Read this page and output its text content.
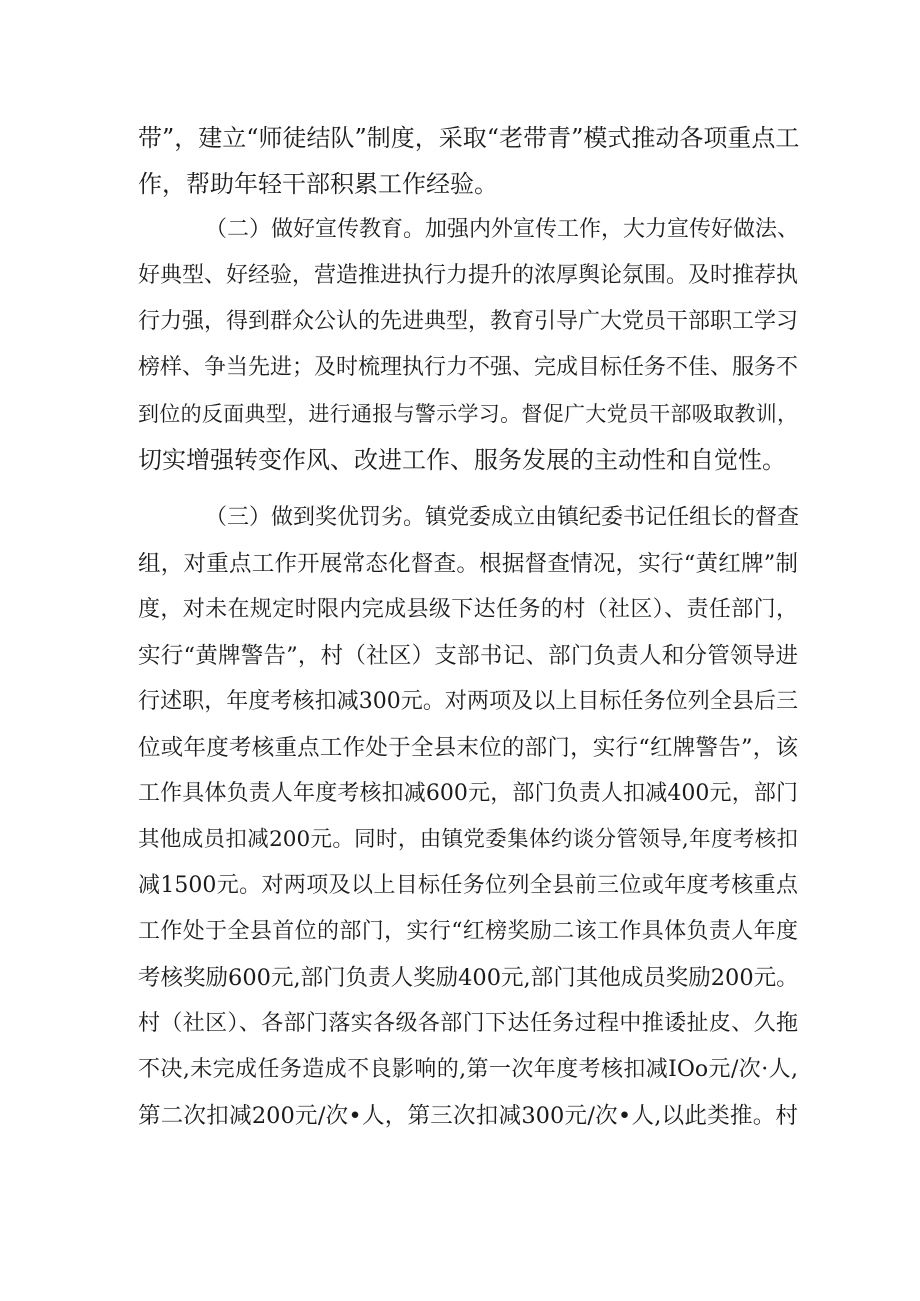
带”，建立“师徒结队”制度，采取“老带青”模式推动各项重点工
作，帮助年轻干部积累工作经验。
（二）做好宣传教育。加强内外宣传工作，大力宣传好做法、
好典型、好经验，营造推进执行力提升的浓厚舆论氛围。及时推荐执
行力强，得到群众公认的先进典型，教育引导广大党员干部职工学习
榜样、争当先进；及时梳理执行力不强、完成目标任务不佳、服务不
到位的反面典型，进行通报与警示学习。督促广大党员干部吸取教训，
切实增强转变作风、改进工作、服务发展的主动性和自觉性。
（三）做到奖优罚劣。镇党委成立由镇纪委书记任组长的督查
组，对重点工作开展常态化督查。根据督查情况，实行“黄红牌”制
度，对未在规定时限内完成县级下达任务的村（社区）、责任部门，
实行“黄牌警告”，村（社区）支部书记、部门负责人和分管领导进
行述职，年度考核扣减300元。对两项及以上目标任务位列全县后三
位或年度考核重点工作处于全县末位的部门，实行“红牌警告”，该
工作具体负责人年度考核扣减600元，部门负责人扣减400元，部门
其他成员扣减200元。同时，由镇党委集体约谈分管领导,年度考核扣
减1500元。对两项及以上目标任务位列全县前三位或年度考核重点
工作处于全县首位的部门，实行“红榜奖励二该工作具体负责人年度
考核奖励600元,部门负责人奖励400元,部门其他成员奖励200元。
村（社区）、各部门落实各级各部门下达任务过程中推诿扯皮、久拖
不决,未完成任务造成不良影响的,第一次年度考核扣减IOo元/次·人,
第二次扣减200元/次•人，第三次扣减300元/次•人,以此类推。村
